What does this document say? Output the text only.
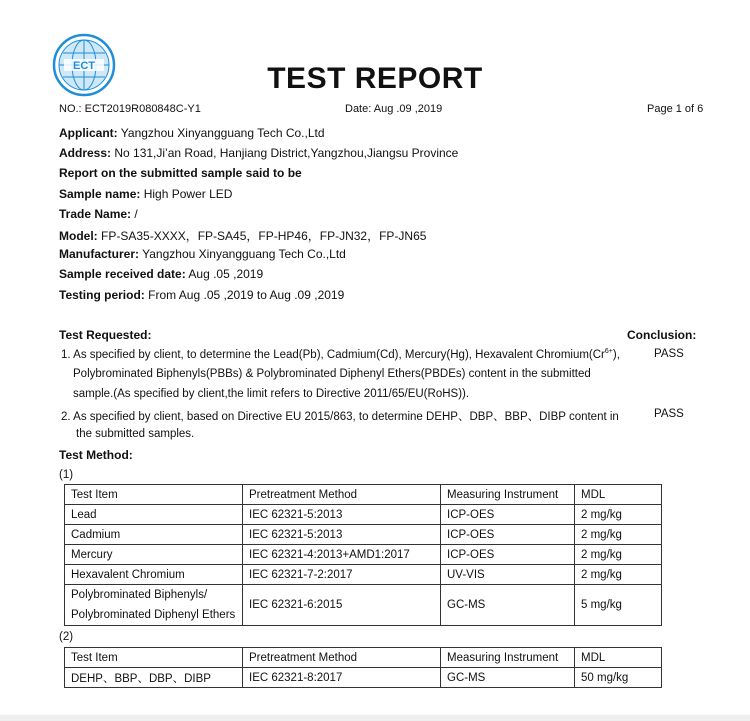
ECT	TEST REPORT
NO.: ECT2019R080848C-Y1	Date: Aug .09 ,2019	Page 1 of 6
Applicant: Yangzhou Xinyangguang Tech Co.,Ltd
Address: No 131,Ji’an Road, Hanjiang District,Yangzhou,Jiangsu Province
Report on the submitted sample said to be
Sample name: High Power LED
Trade Name: /
Model: FP-SA35-XXXX，FP-SA45，FP-HP46，FP-JN32，FP-JN65
Manufacturer: Yangzhou Xinyangguang Tech Co.,Ltd
Sample received date: Aug .05 ,2019
Testing period: From Aug .05 ,2019 to Aug .09 ,2019
Test Requested:	Conclusion:
1. As specified by client, to determine the Lead(Pb), Cadmium(Cd), Mercury(Hg), Hexavalent $Chromium(Cr^{6+})$,	PASS
Polybrominated Biphenyls(PBBs) & Polybrominated Diphenyl Ethers(PBDEs) content in the submitted
sample.(As specified by client,the limit refers to Directive 2011/65/EU(RoHS)).
2. As specified by client, based on Directive EU 2015/863, to determine DEHP、DBP、BBP、DIBP content in	PASS
the submitted samples.
Test Method:
(1)
Test Item	Pretreatment Method	Measuring Instrument	MDL
Lead	IEC 62321-5:2013	ICP-OES	2 mg/kg
Cadmium	IEC 62321-5:2013	ICP-OES	2 mg/kg
Mercury	IEC 62321-4:2013+AMD1:2017	ICP-OES	2 mg/kg
Hexavalent Chromium	IEC 62321-7-2:2017	UV-VIS	2 mg/kg

Polybrominated Biphenyls/
Polybrominated Diphenyl Ethers	IEC 62321-6:2015	GC-MS	5 mg/kg
(2)
Test Item	Pretreatment Method	Measuring Instrument	MDL
DEHP、BBP、DBP、DIBP	IEC 62321-8:2017	GC-MS	50 mg/kg
